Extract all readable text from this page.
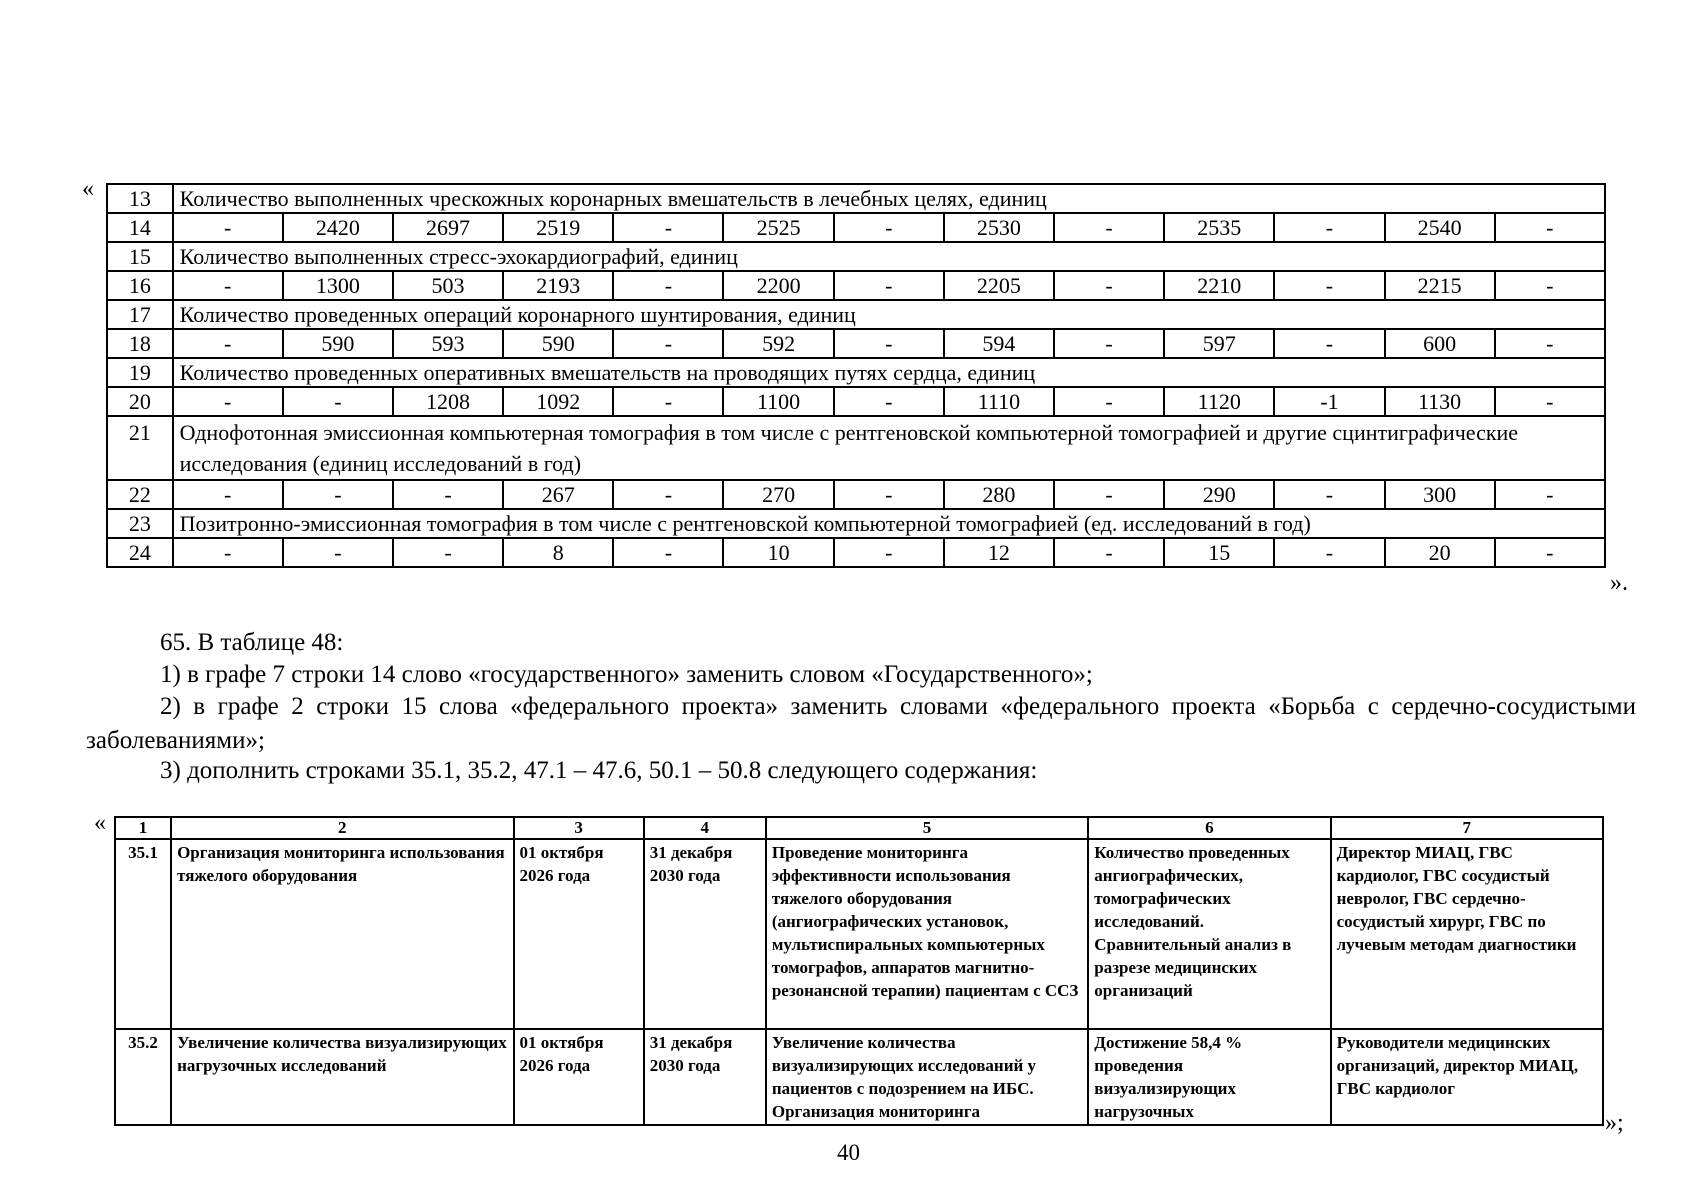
« 13	Количество выполненных чрескожных коронарных вмешательств в лечебных целях, единиц												
14	-	2420	2697	2519	-	2525	-	2530	-	2535	-	2540	-
15	Количество выполненных стресс-эхокардиографий, единиц												
16	-	1300	503	2193	-	2200	-	2205	-	2210	-	2215	-
17	Количество проведенных операций коронарного шунтирования, единиц												
18	-	590	593	590	-	592	-	594	-	597	-	600	-
19	Количество проведенных оперативных вмешательств на проводящих путях сердца, единиц												
20	-	-	1208	1092	-	1100	-	1110	-	1120	-1	1130	-
21	Однофотонная эмиссионная компьютерная томография в том числе с рентгеновской компьютерной томографией и другие сцинтиграфические исследования (единиц исследований в год)												
22	-	-	-	267	-	270	-	280	-	290	-	300	-
23	Позитронно-эмиссионная томография в том числе с рентгеновской компьютерной томографией (ед. исследований в год)												
24	-	-	-	8	-	10	-	12	-	15	-	20	-
».
65. В таблице 48:
1) в графе 7 строки 14 слово «государственного» заменить словом «Государственного»;
2) в графе 2 строки 15 слова «федерального проекта» заменить словами «федерального проекта «Борьба с сердечно-сосудистыми заболеваниями»;
3) дополнить строками 35.1, 35.2, 47.1 – 47.6, 50.1 – 50.8 следующего содержания:
« 1	2	3	4	5	6	7
35.1	Организация мониторинга использования тяжелого оборудования	01 октября 2026 года	31 декабря 2030 года	Проведение мониторинга эффективности использования тяжелого оборудования (ангиографических установок, мультиспиральных компьютерных томографов, аппаратов магнитно-резонансной терапии) пациентам с ССЗ	Количество проведенных ангиографических, томографических исследований. Сравнительный анализ в разрезе медицинских организаций	Директор МИАЦ, ГВС кардиолог, ГВС сосудистый невролог, ГВС сердечно-сосудистый хирург, ГВС по лучевым методам диагностики
35.2	Увеличение количества визуализирующих нагрузочных исследований	01 октября 2026 года	31 декабря 2030 года	Увеличение количества визуализирующих исследований у пациентов с подозрением на ИБС. Организация мониторинга	Достижение 58,4 % проведения визуализирующих нагрузочных	Руководители медицинских организаций, директор МИАЦ, ГВС кардиолог
»;
40
